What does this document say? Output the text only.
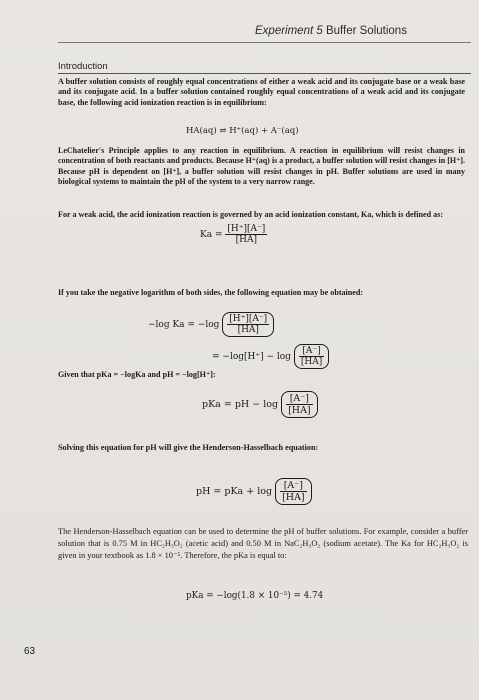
Experiment 5 Buffer Solutions
Introduction
A buffer solution consists of roughly equal concentrations of either a weak acid and its conjugate base or a weak base and its conjugate acid. In a buffer solution contained roughly equal concentrations of a weak acid and its conjugate base, the following acid ionization reaction is in equilibrium:
HA(aq) ⇌ H⁺(aq) + A⁻(aq)
LeChatelier's Principle applies to any reaction in equilibrium. A reaction in equilibrium will resist changes in concentration of both reactants and products. Because H⁺(aq) is a product, a buffer solution will resist changes in [H⁺]. Because pH is dependent on [H⁺], a buffer solution will resist changes in pH. Buffer solutions are used in many biological systems to maintain the pH of the system to a very narrow range.
For a weak acid, the acid ionization reaction is governed by an acid ionization constant, Ka, which is defined as:
$Ka = \frac{[H^+][A^-]}{[HA]}$
If you take the negative logarithm of both sides, the following equation may be obtained:
−log $Ka = -\log \frac{[H^+][A^-]}{[HA]}$
= $-\log[H^+] - \log \frac{[A^-]}{[HA]}$
Given that pKa = −logKa and pH = −log[H⁺]:
pKa = pH − $\log \frac{[A^-]}{[HA]}$
Solving this equation for pH will give the Henderson-Hasselbach equation:
pH = pKa + $\log \frac{[A^-]}{[HA]}$
The Henderson-Hasselbach equation can be used to determine the pH of buffer solutions. For example, consider a buffer solution that is 0.75 M in HC₂H₃O₂ (acetic acid) and 0.50 M in NaC₂H₃O₂ (sodium acetate). The Ka for HC₂H₃O₂ is given in your textbook as 1.8 × 10⁻⁵. Therefore, the pKa is equal to:
pKa = −log(1.8 × 10⁻⁵) = 4.74
63
